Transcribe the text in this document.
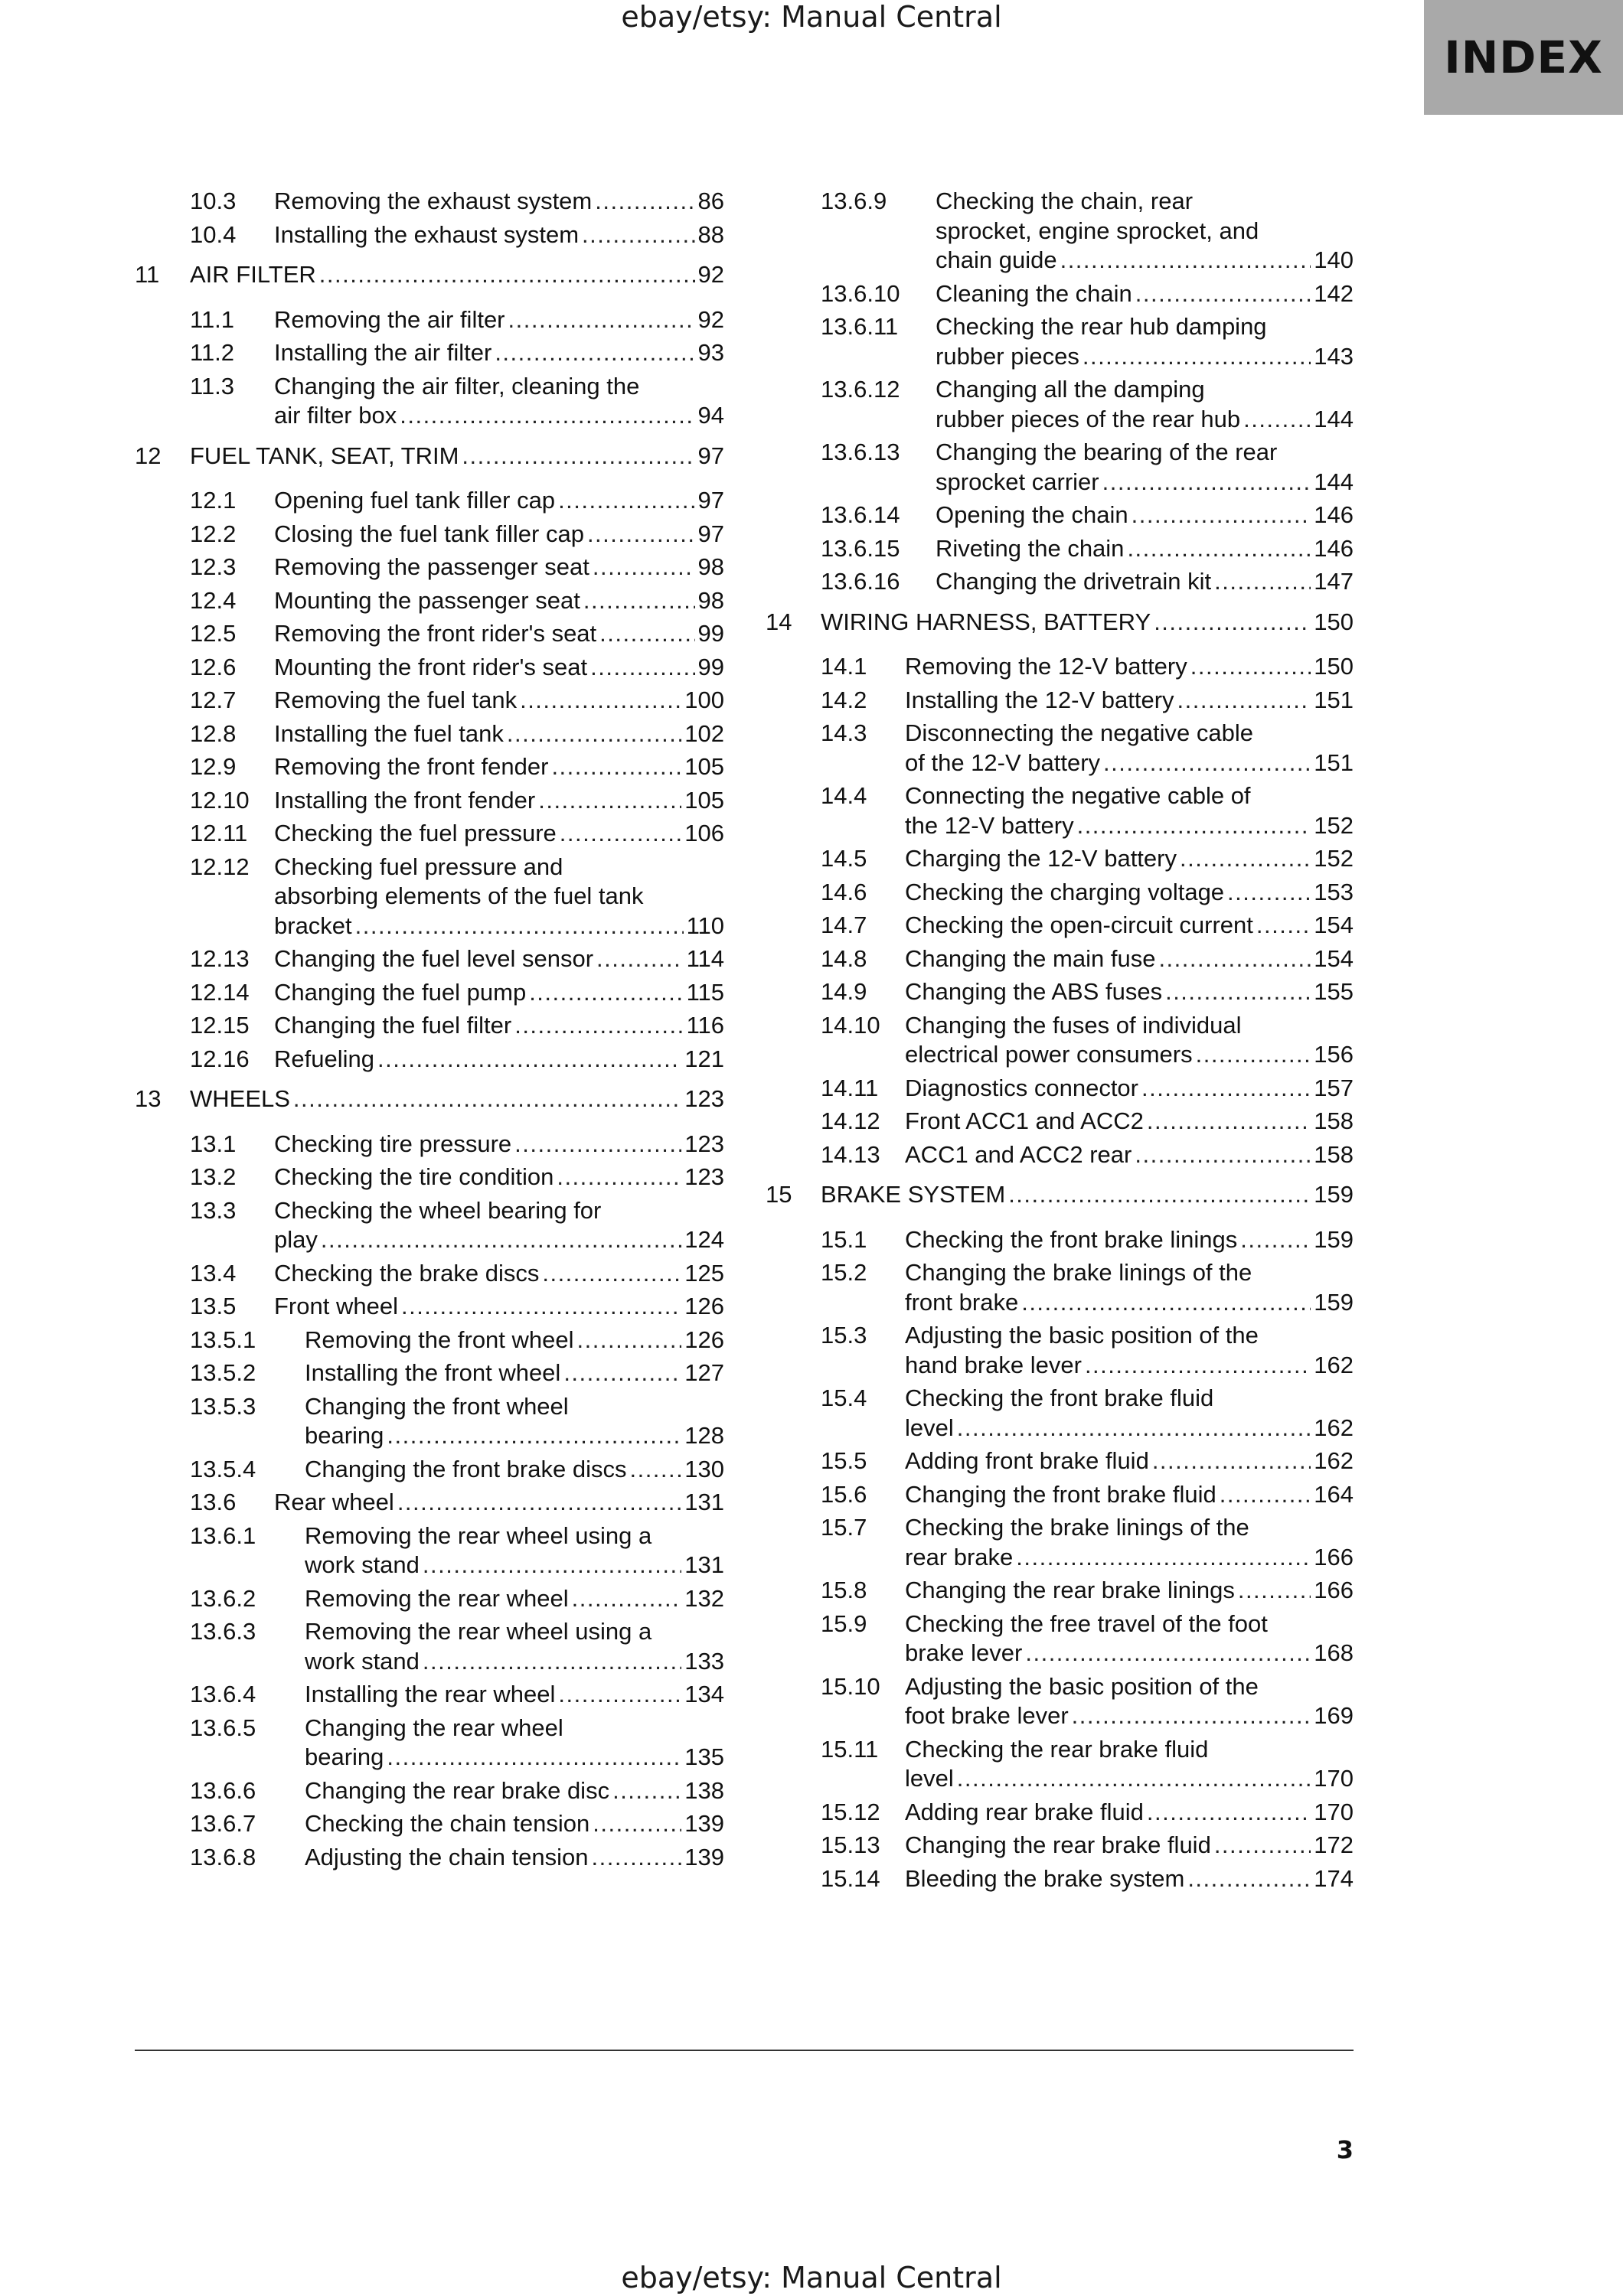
ebay/etsy: Manual Central
INDEX
10.3	Removing the exhaust system .....	86
10.4	Installing the exhaust system .....	88
11	AIR FILTER .....	92
11.1	Removing the air filter .....	92
11.2	Installing the air filter .....	93
11.3	Changing the air filter, cleaning the
air filter box .....	94
12	FUEL TANK, SEAT, TRIM .....	97
12.1	Opening fuel tank filler cap .....	97
12.2	Closing the fuel tank filler cap .....	97
12.3	Removing the passenger seat .....	98
12.4	Mounting the passenger seat .....	98
12.5	Removing the front rider's seat .....	99
12.6	Mounting the front rider's seat .....	99
12.7	Removing the fuel tank .....	100
12.8	Installing the fuel tank .....	102
12.9	Removing the front fender .....	105
12.10	Installing the front fender .....	105
12.11	Checking the fuel pressure .....	106
12.12	Checking fuel pressure and
absorbing elements of the fuel tank
bracket .....	110
12.13	Changing the fuel level sensor .....	114
12.14	Changing the fuel pump .....	115
12.15	Changing the fuel filter .....	116
12.16	Refueling .....	121
13	WHEELS .....	123
13.1	Checking tire pressure .....	123
13.2	Checking the tire condition .....	123
13.3	Checking the wheel bearing for
play .....	124
13.4	Checking the brake discs .....	125
13.5	Front wheel .....	126
13.5.1	Removing the front wheel .....	126
13.5.2	Installing the front wheel .....	127
13.5.3	Changing the front wheel
bearing .....	128
13.5.4	Changing the front brake discs ..... 130
13.6	Rear wheel .....	131
13.6.1	Removing the rear wheel using a
work stand .....	131
13.6.2	Removing the rear wheel .....	132
13.6.3	Removing the rear wheel using a
work stand .....	133
13.6.4	Installing the rear wheel .....	134
13.6.5	Changing the rear wheel
bearing .....	135
13.6.6	Changing the rear brake disc .....	138
13.6.7	Checking the chain tension .....	139
13.6.8	Adjusting the chain tension .....	139
13.6.9	Checking the chain, rear
sprocket, engine sprocket, and
chain guide .....	140
13.6.10	Cleaning the chain .....	142
13.6.11	Checking the rear hub damping
rubber pieces .....	143
13.6.12	Changing all the damping
rubber pieces of the rear hub .....	144
13.6.13	Changing the bearing of the rear
sprocket carrier .....	144
13.6.14	Opening the chain .....	146
13.6.15	Riveting the chain .....	146
13.6.16	Changing the drivetrain kit .....	147
14	WIRING HARNESS, BATTERY .....	150
14.1	Removing the 12-V battery .....	150
14.2	Installing the 12-V battery .....	151
14.3	Disconnecting the negative cable
of the 12-V battery .....	151
14.4	Connecting the negative cable of
the 12-V battery .....	152
14.5	Charging the 12-V battery .....	152
14.6	Checking the charging voltage .....	153
14.7	Checking the open-circuit current .....	154
14.8	Changing the main fuse .....	154
14.9	Changing the ABS fuses .....	155
14.10	Changing the fuses of individual
electrical power consumers .....	156
14.11	Diagnostics connector .....	157
14.12	Front ACC1 and ACC2 .....	158
14.13	ACC1 and ACC2 rear .....	158
15	BRAKE SYSTEM .....	159
15.1	Checking the front brake linings .....	159
15.2	Changing the brake linings of the
front brake .....	159
15.3	Adjusting the basic position of the
hand brake lever .....	162
15.4	Checking the front brake fluid
level .....	162
15.5	Adding front brake fluid .....	162
15.6	Changing the front brake fluid .....	164
15.7	Checking the brake linings of the
rear brake .....	166
15.8	Changing the rear brake linings .....	166
15.9	Checking the free travel of the foot
brake lever .....	168
15.10	Adjusting the basic position of the
foot brake lever .....	169
15.11	Checking the rear brake fluid
level .....	170
15.12	Adding rear brake fluid .....	170
15.13	Changing the rear brake fluid .....	172
15.14	Bleeding the brake system .....	174
3
ebay/etsy: Manual Central
